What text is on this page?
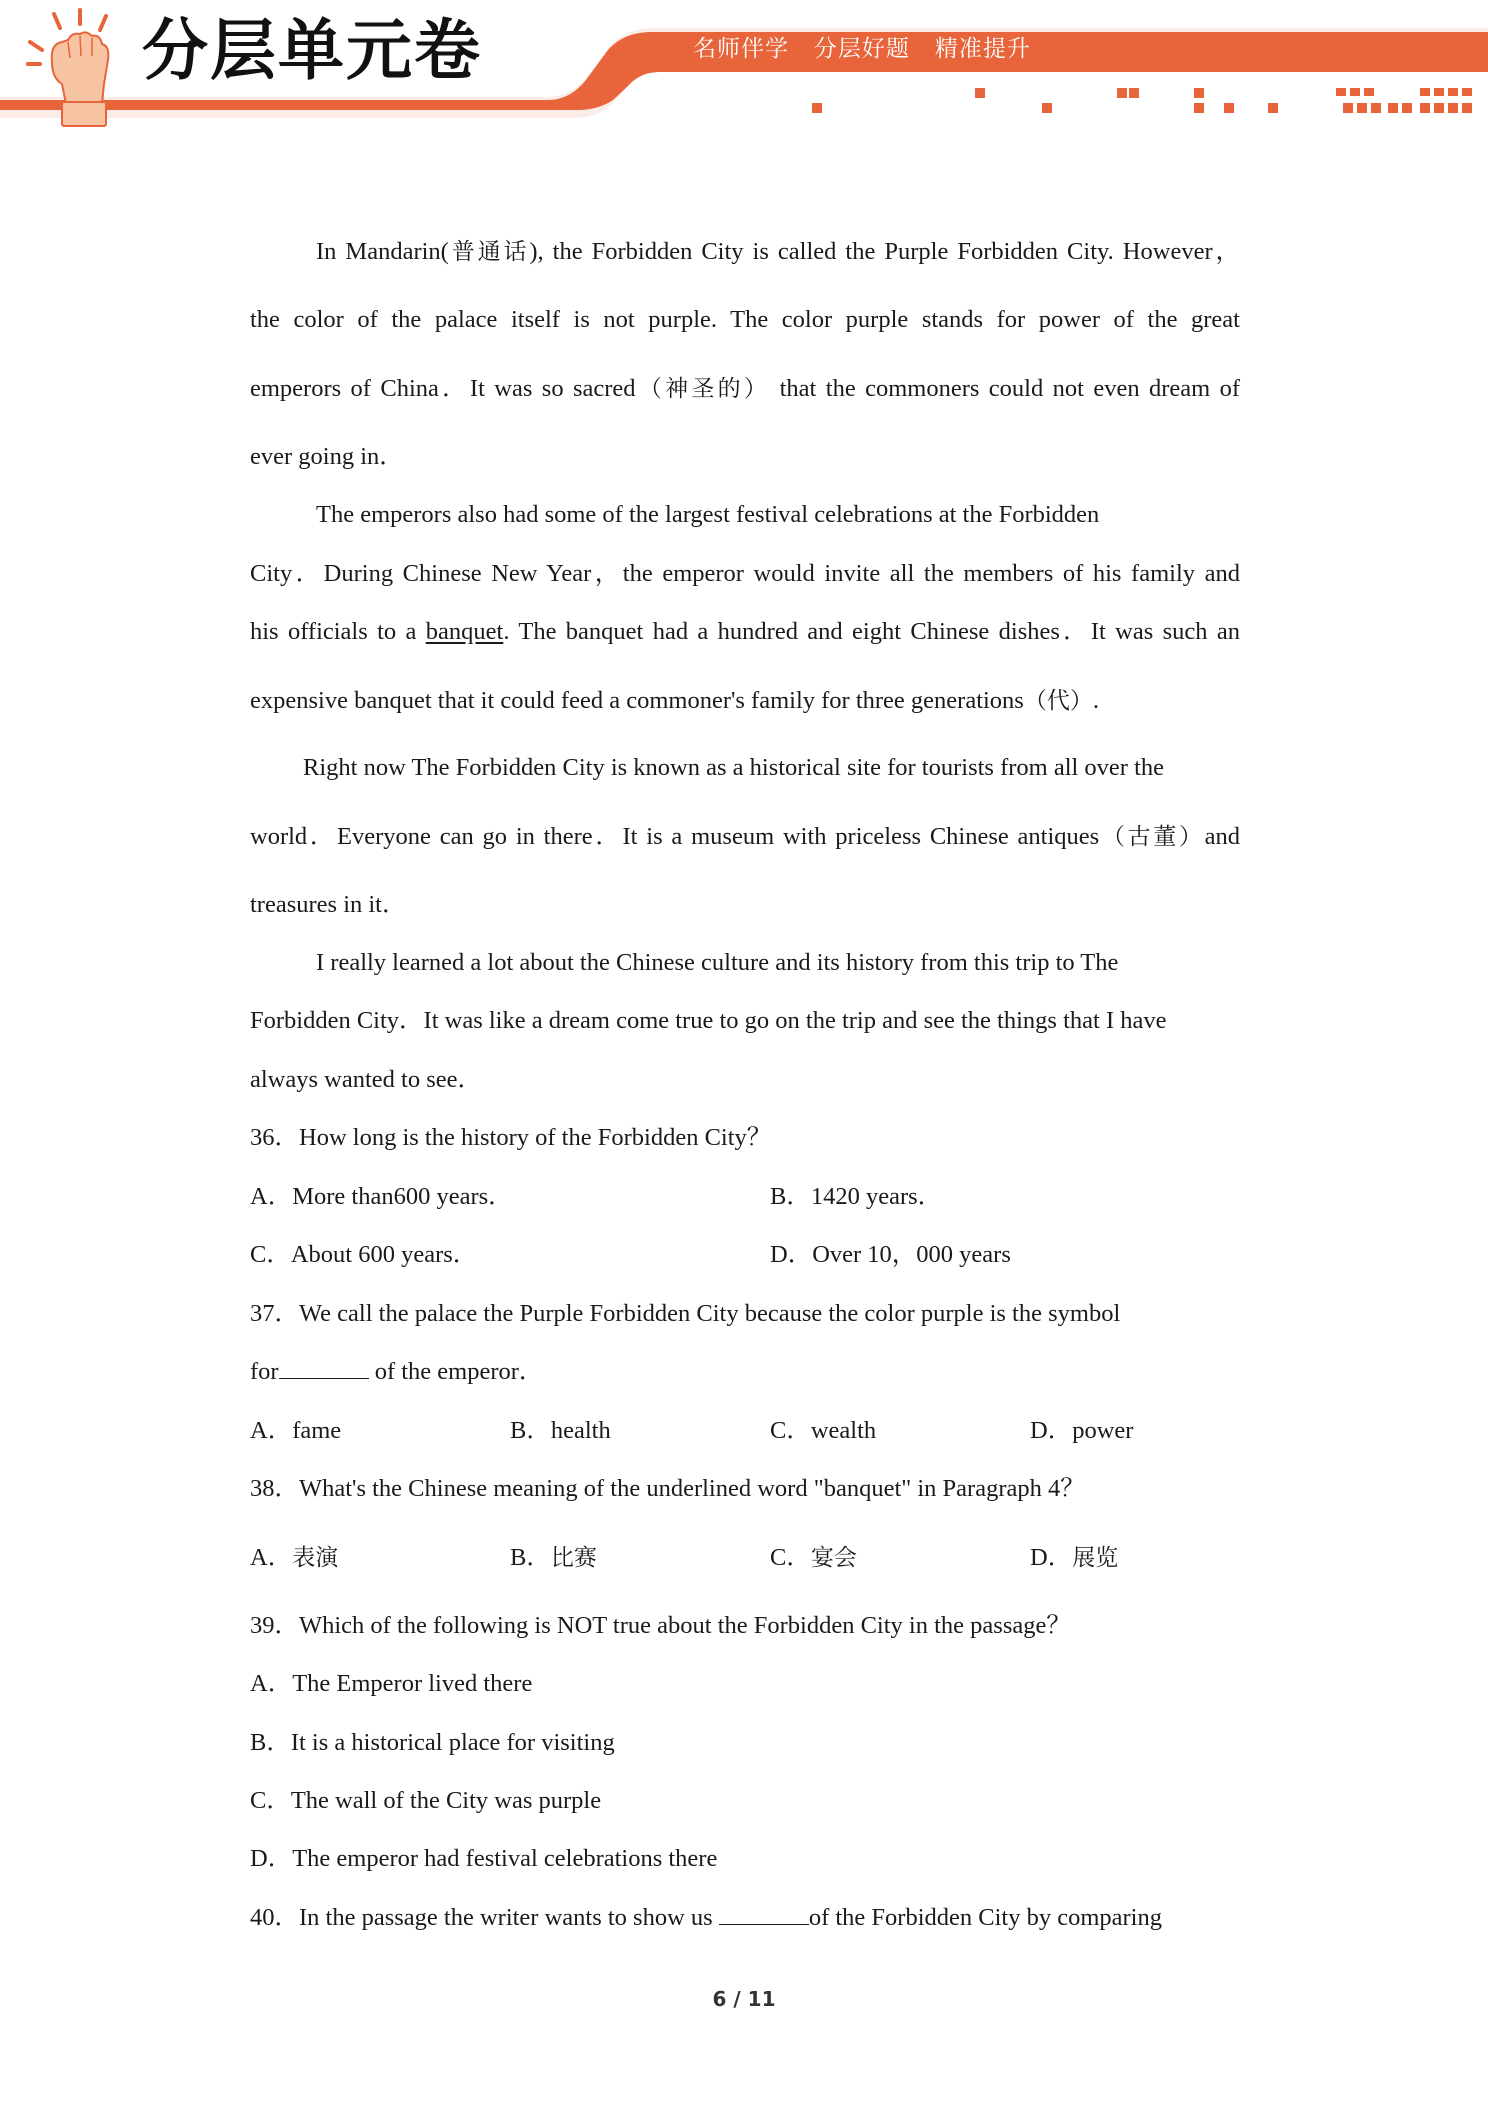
分层单元卷	名师伴学   分层好题   精准提升
In Mandarin(普通话), the Forbidden City is called the Purple Forbidden City. However，
the color of the palace itself is not purple. The color purple stands for power of the great
emperors of China．It was so sacred（神圣的） that the commoners could not even dream of
ever going in．
The emperors also had some of the largest festival celebrations at the Forbidden
City．During Chinese New Year，the emperor would invite all the members of his family and
his officials to a banquet. The banquet had a hundred and eight Chinese dishes．It was such an
expensive banquet that it could feed a commoner's family for three generations（代）.
Right now The Forbidden City is known as a historical site for tourists from all over the
world．Everyone can go in there．It is a museum with priceless Chinese antiques（古董）and
treasures in it．
I really learned a lot about the Chinese culture and its history from this trip to The
Forbidden City．It was like a dream come true to go on the trip and see the things that I have
always wanted to see．
36．How long is the history of the Forbidden City？
A．More than600 years．	B．1420 years．
C．About 600 years．	D．Over 10，000 years
37．We call the palace the Purple Forbidden City because the color purple is the symbol
for	of the emperor．
A．fame	B．health	C．wealth	D．power
38．What's the Chinese meaning of the underlined word "banquet" in Paragraph 4？
A．表演	B．比赛	C．宴会	D．展览
39．Which of the following is NOT true about the Forbidden City in the passage？
A．The Emperor lived there
B．It is a historical place for visiting
C．The wall of the City was purple
D．The emperor had festival celebrations there
40．In the passage the writer wants to show us	of the Forbidden City by comparing
6 / 11
